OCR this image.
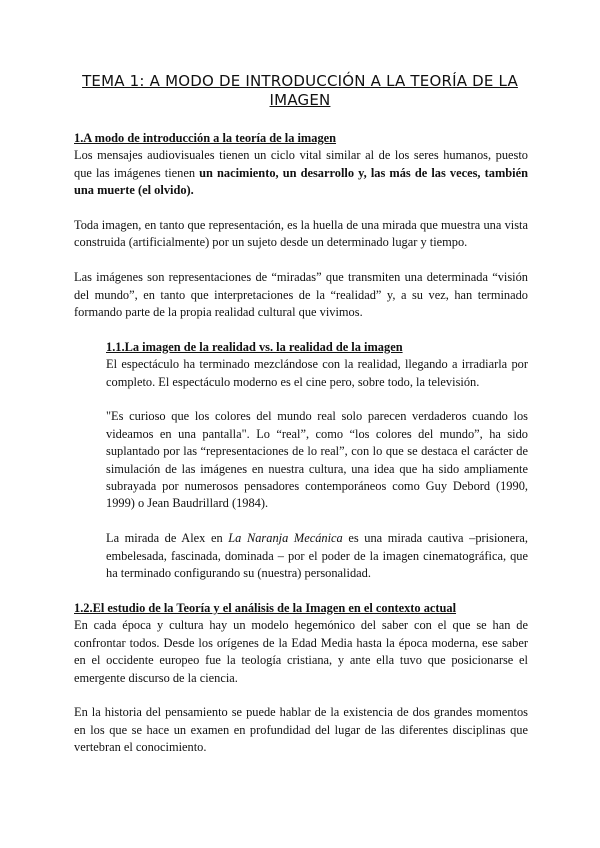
TEMA 1: A MODO DE INTRODUCCIÓN A LA TEORÍA DE LA IMAGEN

1.A modo de introducción a la teoría de la imagen

Los mensajes audiovisuales tienen un ciclo vital similar al de los seres humanos, puesto que las imágenes tienen un nacimiento, un desarrollo y, las más de las veces, también una muerte (el olvido).

Toda imagen, en tanto que representación, es la huella de una mirada que muestra una vista construida (artificialmente) por un sujeto desde un determinado lugar y tiempo.

Las imágenes son representaciones de “miradas” que transmiten una determinada “visión del mundo”, en tanto que interpretaciones de la “realidad” y, a su vez, han terminado formando parte de la propia realidad cultural que vivimos.

1.1.La imagen de la realidad vs. la realidad de la imagen

El espectáculo ha terminado mezclándose con la realidad, llegando a irradiarla por completo. El espectáculo moderno es el cine pero, sobre todo, la televisión.

"Es curioso que los colores del mundo real solo parecen verdaderos cuando los videamos en una pantalla". Lo “real”, como “los colores del mundo”, ha sido suplantado por las “representaciones de lo real”, con lo que se destaca el carácter de simulación de las imágenes en nuestra cultura, una idea que ha sido ampliamente subrayada por numerosos pensadores contemporáneos como Guy Debord (1990, 1999) o Jean Baudrillard (1984).

La mirada de Alex en La Naranja Mecánica es una mirada cautiva –prisionera, embelesada, fascinada, dominada – por el poder de la imagen cinematográfica, que ha terminado configurando su (nuestra) personalidad.

1.2.El estudio de la Teoría y el análisis de la Imagen en el contexto actual

En cada época y cultura hay un modelo hegemónico del saber con el que se han de confrontar todos. Desde los orígenes de la Edad Media hasta la época moderna, ese saber en el occidente europeo fue la teología cristiana, y ante ella tuvo que posicionarse el emergente discurso de la ciencia.

En la historia del pensamiento se puede hablar de la existencia de dos grandes momentos en los que se hace un examen en profundidad del lugar de las diferentes disciplinas que vertebran el conocimiento.
